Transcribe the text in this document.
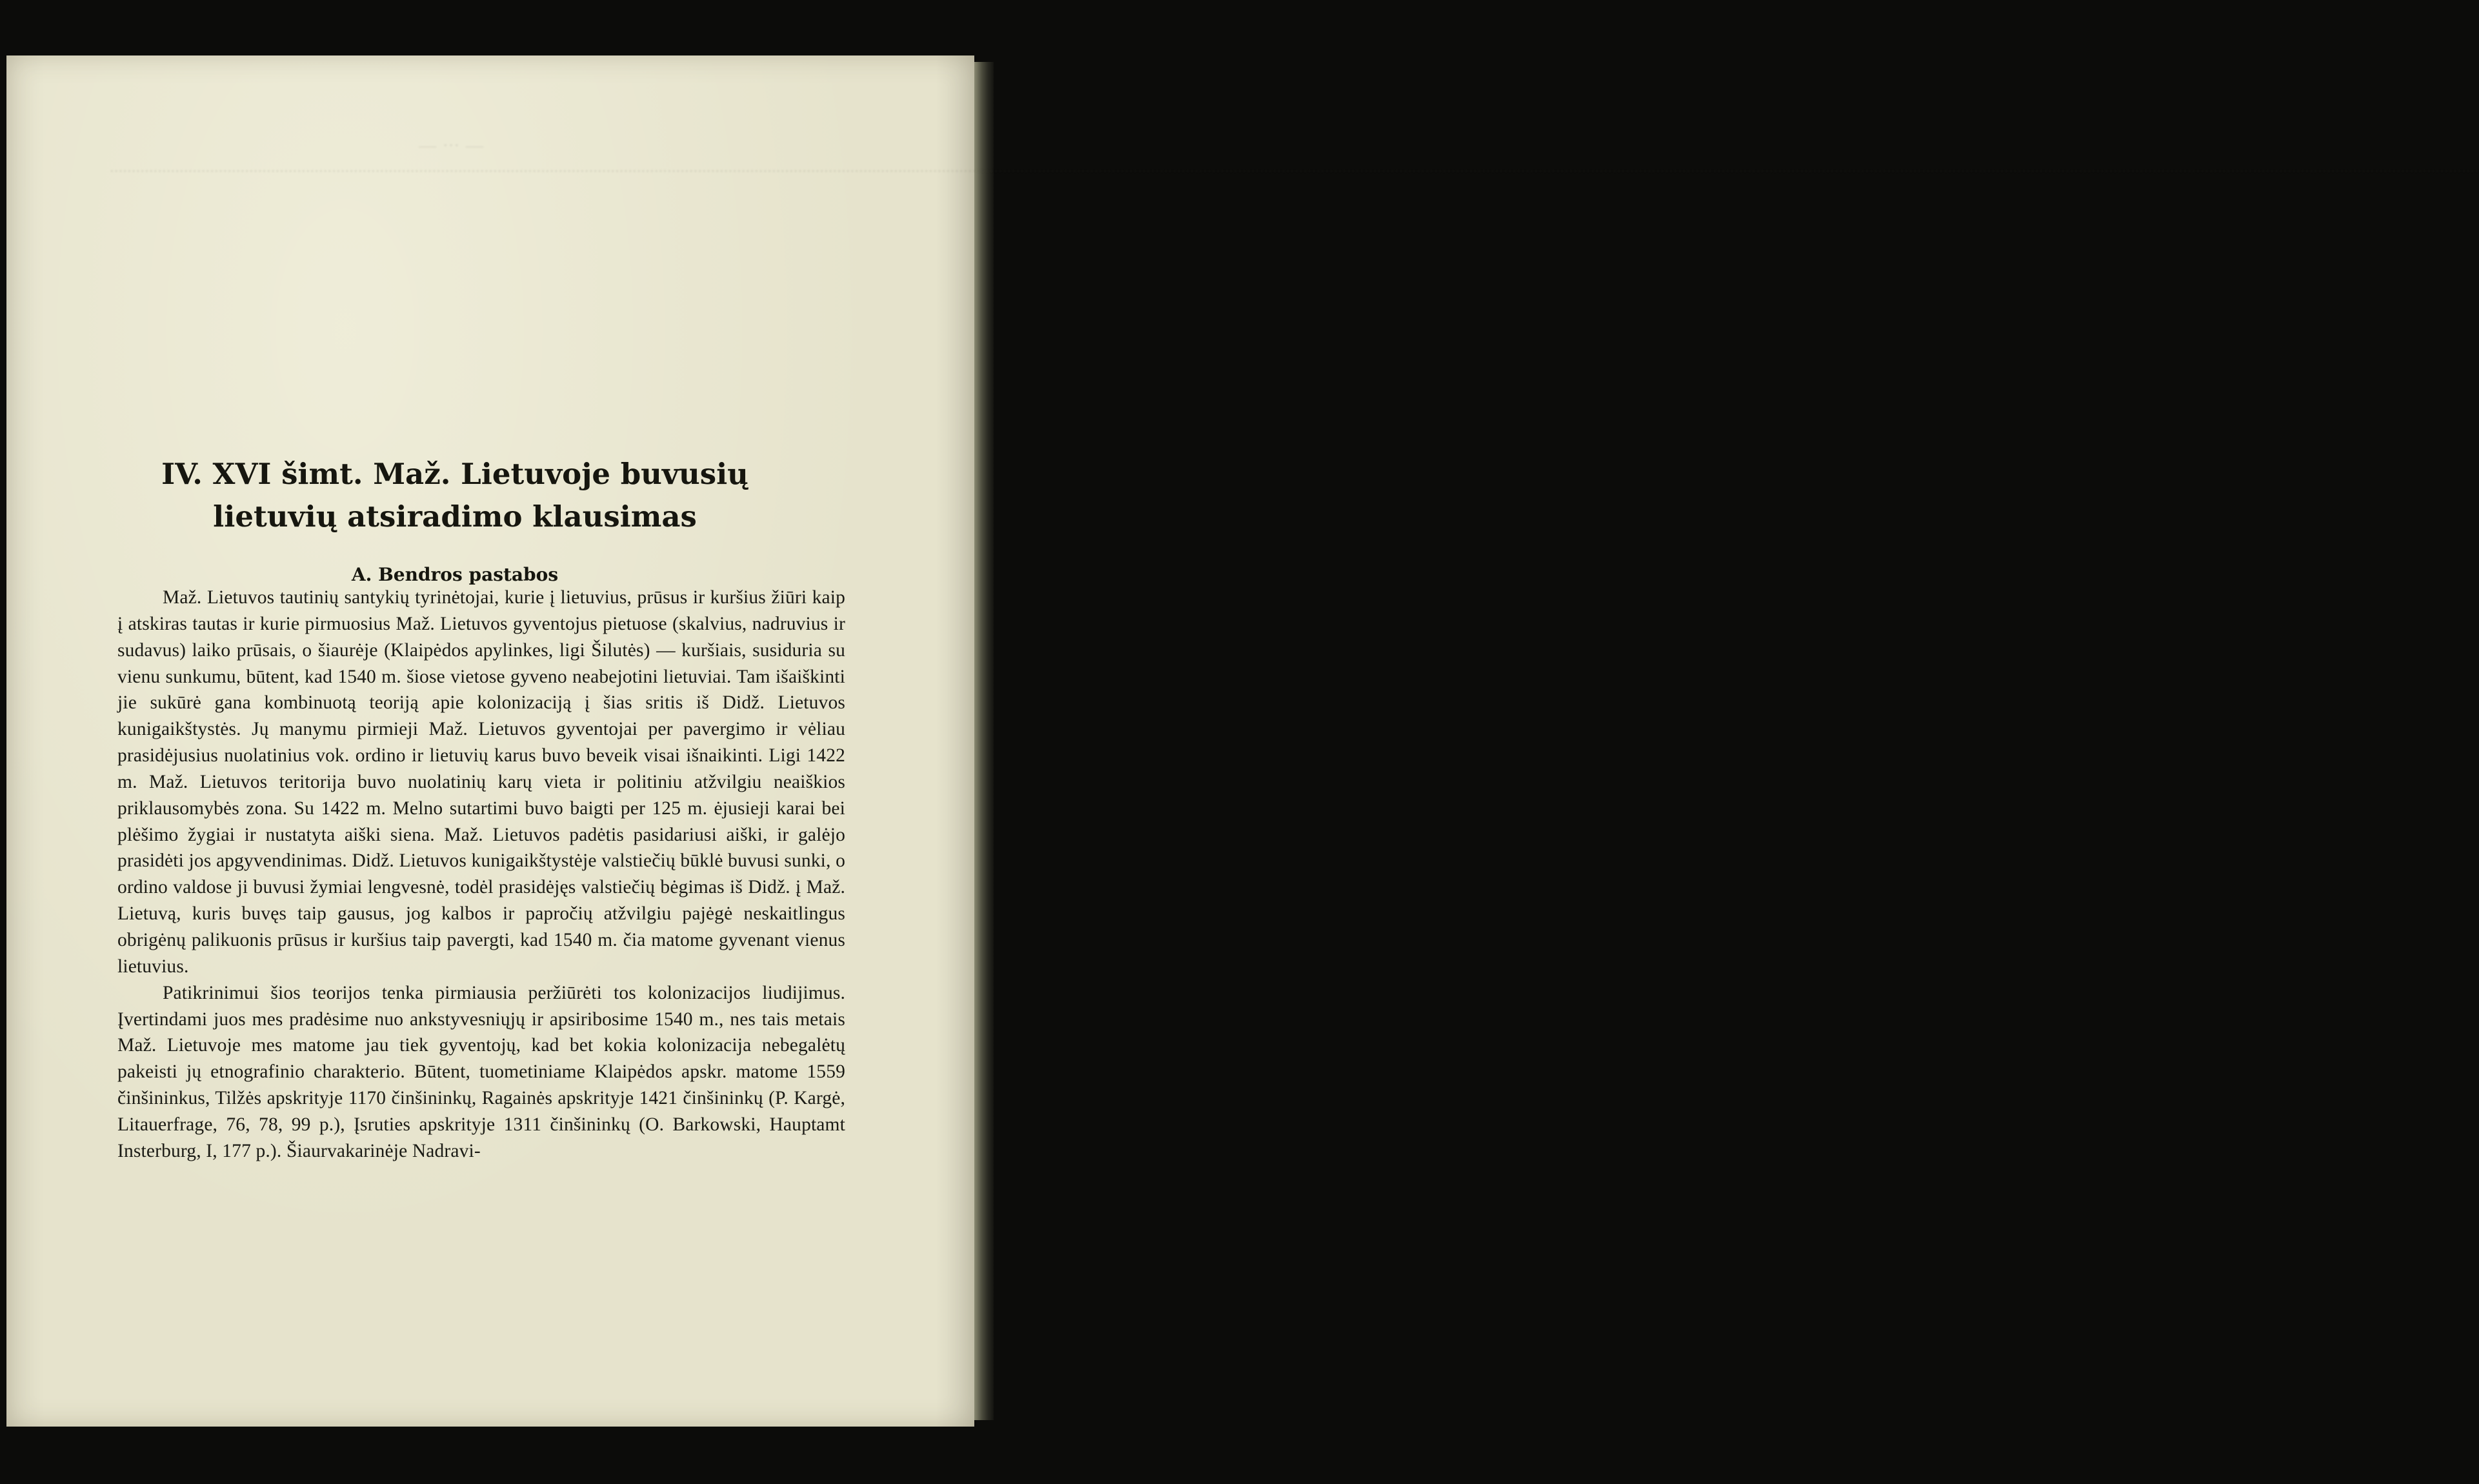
∙∙∙∙∙∙∙∙∙∙∙∙∙∙∙∙∙∙∙∙∙∙∙∙∙∙∙∙∙∙∙∙∙∙∙∙∙∙∙∙∙∙∙∙∙∙∙∙∙∙∙∙∙∙∙∙∙∙∙∙∙∙∙∙∙∙∙∙∙∙∙∙∙∙∙∙∙∙∙∙∙∙∙∙∙∙∙∙∙∙∙∙∙∙∙∙∙∙∙∙∙∙∙∙∙∙∙∙∙∙∙∙∙∙∙∙∙∙∙∙∙∙∙∙∙∙∙∙∙∙∙∙∙∙∙∙∙∙∙∙∙∙∙∙∙∙∙∙∙∙∙∙∙∙∙∙∙∙∙∙∙∙∙∙∙∙∙∙∙∙∙∙∙∙∙∙∙∙∙∙∙∙∙∙∙∙∙∙∙∙∙∙∙∙∙∙∙∙∙∙∙∙∙∙∙∙∙∙∙∙∙∙∙∙∙∙∙∙∙∙∙∙∙∙∙∙∙∙∙∙∙∙∙∙∙∙∙∙∙∙∙∙∙∙∙∙∙∙∙∙∙∙∙∙∙∙∙∙∙∙∙∙∙∙∙∙∙∙∙∙∙∙∙∙∙∙∙∙∙∙∙∙∙∙∙∙∙∙∙∙∙∙∙∙∙∙∙∙∙∙∙∙∙∙∙∙∙∙∙∙∙∙∙∙∙∙∙∙∙∙∙∙∙∙∙∙∙∙∙∙∙∙∙∙∙∙∙∙∙∙∙∙∙∙∙∙∙∙∙∙∙∙∙∙∙∙∙∙∙∙∙∙∙∙∙∙∙∙∙∙∙∙∙∙∙∙∙∙∙∙∙∙∙∙∙∙∙∙∙∙∙∙∙∙∙∙∙∙∙∙∙∙∙∙∙∙∙∙∙∙∙∙∙∙∙∙∙∙∙∙∙∙∙∙∙∙∙∙∙∙∙∙∙∙∙∙∙∙∙∙∙∙∙∙∙∙∙∙∙∙∙∙∙∙∙∙∙∙∙∙∙∙∙∙∙∙∙∙∙∙∙∙∙∙∙∙∙∙∙∙∙∙∙∙∙∙∙∙∙∙∙∙∙∙∙∙∙∙∙∙∙∙∙∙∙∙∙∙∙∙∙∙∙∙∙∙∙∙∙∙∙∙∙∙∙∙∙∙∙∙∙∙∙∙∙∙∙∙∙∙∙∙∙∙
IV. XVI šimt. Maž. Lietuvoje buvusių lietuvių atsiradimo klausimas
A. Bendros pastabos

Maž. Lietuvos tautinių santykių tyrinėtojai, kurie į lietuvius, prūsus ir kuršius žiūri kaip į atskiras tautas ir kurie pirmuosius Maž. Lietuvos gyventojus pietuose (skalvius, nadruvius ir sudavus) laiko prūsais, o šiaurėje (Klaipėdos apylinkes, ligi Šilutės) — kuršiais, susiduria su vienu sunkumu, būtent, kad 1540 m. šiose vietose gyveno neabejotini lietuviai. Tam išaiškinti jie sukūrė gana kombinuotą teoriją apie kolonizaciją į šias sritis iš Didž. Lietuvos kunigaikštystės. Jų manymu pirmieji Maž. Lietuvos gyventojai per pavergimo ir vėliau prasidėjusius nuolatinius vok. ordino ir lietuvių karus buvo beveik visai išnaikinti. Ligi 1422 m. Maž. Lietuvos teritorija buvo nuolatinių karų vieta ir politiniu atžvilgiu neaiškios priklausomybės zona. Su 1422 m. Melno sutartimi buvo baigti per 125 m. ėjusieji karai bei plėšimo žygiai ir nustatyta aiški siena. Maž. Lietuvos padėtis pasidariusi aiški, ir galėjo prasidėti jos apgyvendinimas. Didž. Lietuvos kunigaikštystėje valstiečių būklė buvusi sunki, o ordino valdose ji buvusi žymiai lengvesnė, todėl prasidėjęs valstiečių bėgimas iš Didž. į Maž. Lietuvą, kuris buvęs taip gausus, jog kalbos ir papročių atžvilgiu pajėgė neskaitlingus obrigėnų palikuonis prūsus ir kuršius taip pavergti, kad 1540 m. čia matome gyvenant vienus lietuvius.

Patikrinimui šios teorijos tenka pirmiausia peržiūrėti tos kolonizacijos liudijimus. Įvertindami juos mes pradėsime nuo ankstyvesniųjų ir apsiribosime 1540 m., nes tais metais Maž. Lietuvoje mes matome jau tiek gyventojų, kad bet kokia kolonizacija nebegalėtų pakeisti jų etnografinio charakterio. Būtent, tuometiniame Klaipėdos apskr. matome 1559 činšininkus, Tilžės apskrityje 1170 činšininkų, Ragainės apskrityje 1421 činšininkų (P. Kargė, Litauerfrage, 76, 78, 99 p.), Įsruties apskrityje 1311 činšininkų (O. Barkowski, Hauptamt Insterburg, I, 177 p.). Šiaurvakarinėje Nadravi-
